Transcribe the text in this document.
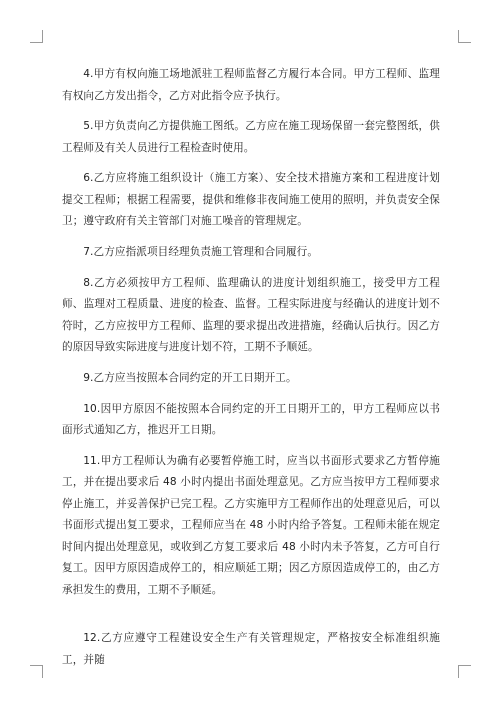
4.甲方有权向施工场地派驻工程师监督乙方履行本合同。甲方工程师、监理有权向乙方发出指令，乙方对此指令应予执行。

5.甲方负责向乙方提供施工图纸。乙方应在施工现场保留一套完整图纸，供工程师及有关人员进行工程检查时使用。

6.乙方应将施工组织设计（施工方案）、安全技术措施方案和工程进度计划提交工程师；根据工程需要，提供和维修非夜间施工使用的照明，并负责安全保卫；遵守政府有关主管部门对施工噪音的管理规定。

7.乙方应指派项目经理负责施工管理和合同履行。

8.乙方必须按甲方工程师、监理确认的进度计划组织施工，接受甲方工程师、监理对工程质量、进度的检查、监督。工程实际进度与经确认的进度计划不符时，乙方应按甲方工程师、监理的要求提出改进措施，经确认后执行。因乙方的原因导致实际进度与进度计划不符，工期不予顺延。

9.乙方应当按照本合同约定的开工日期开工。

10.因甲方原因不能按照本合同约定的开工日期开工的，甲方工程师应以书面形式通知乙方，推迟开工日期。

11.甲方工程师认为确有必要暂停施工时，应当以书面形式要求乙方暂停施工，并在提出要求后 48 小时内提出书面处理意见。乙方应当按甲方工程师要求停止施工，并妥善保护已完工程。乙方实施甲方工程师作出的处理意见后，可以书面形式提出复工要求，工程师应当在 48 小时内给予答复。工程师未能在规定时间内提出处理意见，或收到乙方复工要求后 48 小时内未予答复，乙方可自行复工。因甲方原因造成停工的，相应顺延工期；因乙方原因造成停工的，由乙方承担发生的费用，工期不予顺延。

12.乙方应遵守工程建设安全生产有关管理规定，严格按安全标准组织施工，并随
